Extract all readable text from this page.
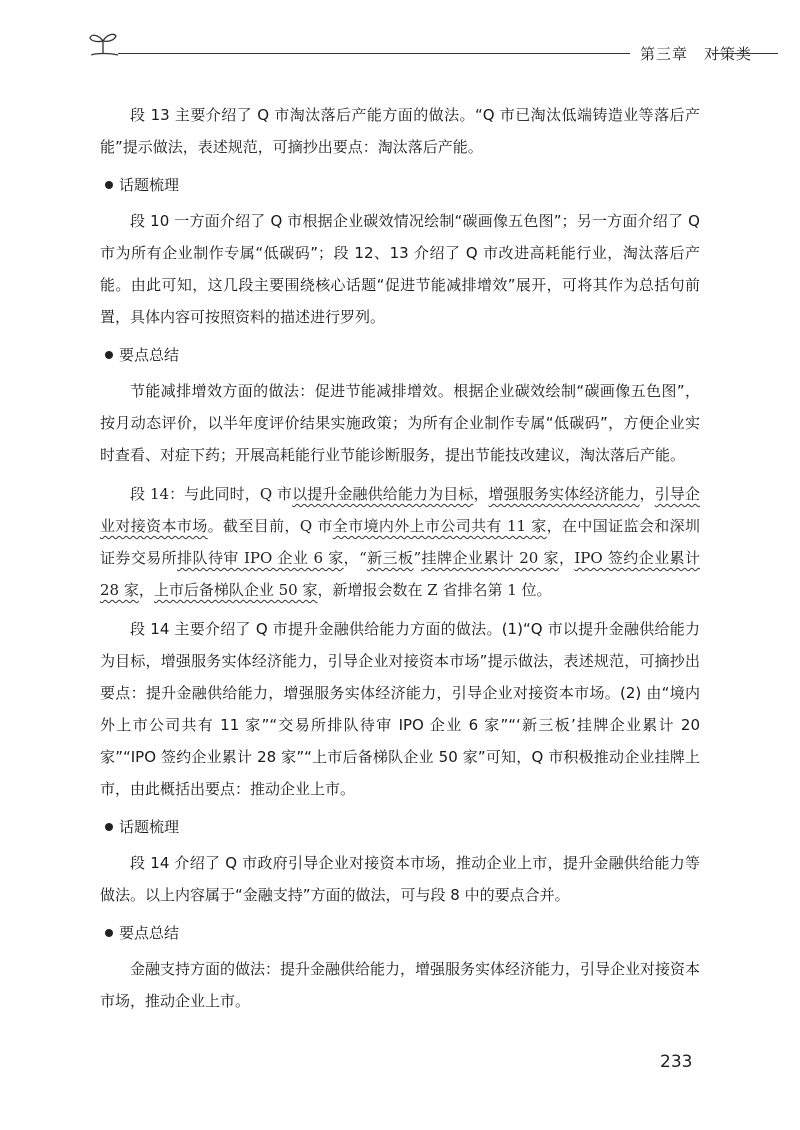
第三章　对策类

段 13 主要介绍了 Q 市淘汰落后产能方面的做法。“Q 市已淘汰低端铸造业等落后产能”提示做法，表述规范，可摘抄出要点：淘汰落后产能。

话题梳理

段 10 一方面介绍了 Q 市根据企业碳效情况绘制“碳画像五色图”；另一方面介绍了 Q 市为所有企业制作专属“低碳码”；段 12、13 介绍了 Q 市改进高耗能行业，淘汰落后产能。由此可知，这几段主要围绕核心话题“促进节能减排增效”展开，可将其作为总括句前置，具体内容可按照资料的描述进行罗列。

要点总结

节能减排增效方面的做法：促进节能减排增效。根据企业碳效绘制“碳画像五色图”，按月动态评价，以半年度评价结果实施政策；为所有企业制作专属“低碳码”，方便企业实时查看、对症下药；开展高耗能行业节能诊断服务，提出节能技改建议，淘汰落后产能。

段 14：与此同时，Q 市以提升金融供给能力为目标，增强服务实体经济能力，引导企业对接资本市场。截至目前，Q 市全市境内外上市公司共有 11 家，在中国证监会和深圳证券交易所排队待审 IPO 企业 6 家，“新三板”挂牌企业累计 20 家，IPO 签约企业累计 28 家，上市后备梯队企业 50 家，新增报会数在 Z 省排名第 1 位。

段 14 主要介绍了 Q 市提升金融供给能力方面的做法。(1)“Q 市以提升金融供给能力为目标，增强服务实体经济能力，引导企业对接资本市场”提示做法，表述规范，可摘抄出要点：提升金融供给能力，增强服务实体经济能力，引导企业对接资本市场。(2) 由“境内外上市公司共有 11 家”“交易所排队待审 IPO 企业 6 家”“‘新三板’挂牌企业累计 20 家”“IPO 签约企业累计 28 家”“上市后备梯队企业 50 家”可知，Q 市积极推动企业挂牌上市，由此概括出要点：推动企业上市。

话题梳理

段 14 介绍了 Q 市政府引导企业对接资本市场，推动企业上市，提升金融供给能力等做法。以上内容属于“金融支持”方面的做法，可与段 8 中的要点合并。

要点总结

金融支持方面的做法：提升金融供给能力，增强服务实体经济能力，引导企业对接资本市场，推动企业上市。

233
